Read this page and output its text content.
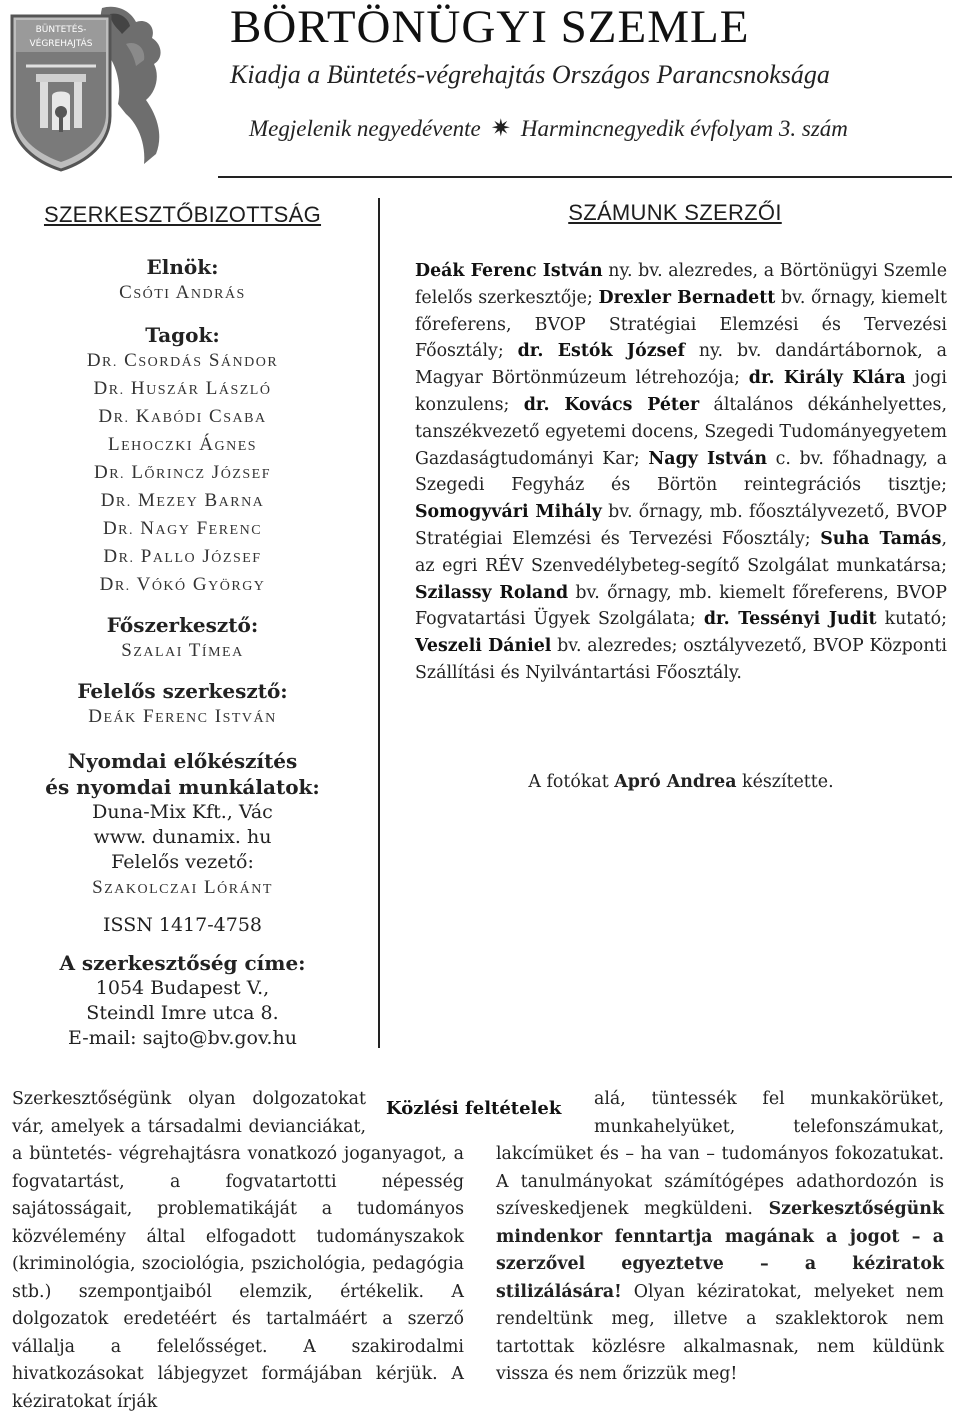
BÜNTETÉS-
VÉGREHAJTÁS	BÖRTÖNÜGYI SZEMLE
Kiadja a Büntetés-végrehajtás Országos Parancsnoksága
Megjelenik negyedévente ✷ Harmincnegyedik évfolyam 3. szám
SZERKESZTŐBIZOTTSÁG
Elnök:
CSÓTI ANDRÁS
Tagok:
DR. CSORDÁS SÁNDOR
DR. HUSZÁR LÁSZLÓ
DR. KABÓDI CSABA
LEHOCZKI ÁGNES
DR. LŐRINCZ JÓZSEF
DR. MEZEY BARNA
DR. NAGY FERENC
DR. PALLO JÓZSEF
DR. VÓKÓ GYÖRGY
Főszerkesztő:
SZALAI TÍMEA
Felelős szerkesztő:
DEÁK FERENC ISTVÁN
Nyomdai előkészítés
és nyomdai munkálatok:
Duna-Mix Kft., Vác
www. dunamix. hu
Felelős vezető:
SZAKOLCZAI LÓRÁNT
ISSN 1417-4758
A szerkesztőség címe:
1054 Budapest V.,
Steindl Imre utca 8.
E-mail: sajto@bv.gov.hu
SZÁMUNK SZERZŐI
Deák Ferenc István ny. bv. alezredes, a Börtönügyi Szemle felelős szerkesztője; Drexler Bernadett bv. őrnagy, kiemelt főreferens, BVOP Stratégiai Elemzési és Tervezési Főosztály; dr. Estók József ny. bv. dandártábornok, a Magyar Börtönmúzeum létrehozója; dr. Király Klára jogi konzulens; dr. Kovács Péter általános dékánhelyettes, tanszékvezető egyetemi docens, Szegedi Tudományegyetem Gazdaságtudományi Kar; Nagy István c. bv. főhadnagy, a Szegedi Fegyház és Börtön reintegrációs tisztje; Somogyvári Mihály bv. őrnagy, mb. főosztályvezető, BVOP Stratégiai Elemzési és Tervezési Főosztály; Suha Tamás, az egri RÉV Szenvedélybeteg-segítő Szolgálat munkatársa; Szilassy Roland bv. őrnagy, mb. kiemelt főreferens, BVOP Fogvatartási Ügyek Szolgálata; dr. Tessényi Judit kutató; Veszeli Dániel bv. alezredes; osztályvezető, BVOP Központi Szállítási és Nyilvántartási Főosztály.
A fotókat Apró Andrea készítette.
Közlési feltételek
Szerkesztőségünk olyan dolgozatokat vár, amelyek a társadalmi devianciákat, a büntetés- végrehajtásra vonatkozó joganyagot, a fogvatartást, a fogvatartotti népesség sajátosságait, problematikáját a tudományos közvélemény által elfogadott tudományszakok (kriminológia, szociológia, pszichológia, pedagógia stb.) szempontjaiból elemzik, értékelik. A dolgozatok eredetéért és tartalmáért a szerző vállalja a felelősséget. A szakirodalmi hivatkozásokat lábjegyzet formájában kérjük. A kéziratokat írják
alá, tüntessék fel munkakörüket, munkahelyüket, telefonszámukat, lakcímüket és – ha van – tudományos fokozatukat. A tanulmányokat számítógépes adathordozón is szíveskedjenek megküldeni. Szerkesztőségünk mindenkor fenntartja magának a jogot – a szerzővel egyeztetve – a kéziratok stilizálására! Olyan kéziratokat, melyeket nem rendeltünk meg, illetve a szaklektorok nem tartottak közlésre alkalmasnak, nem küldünk vissza és nem őrizzük meg!
